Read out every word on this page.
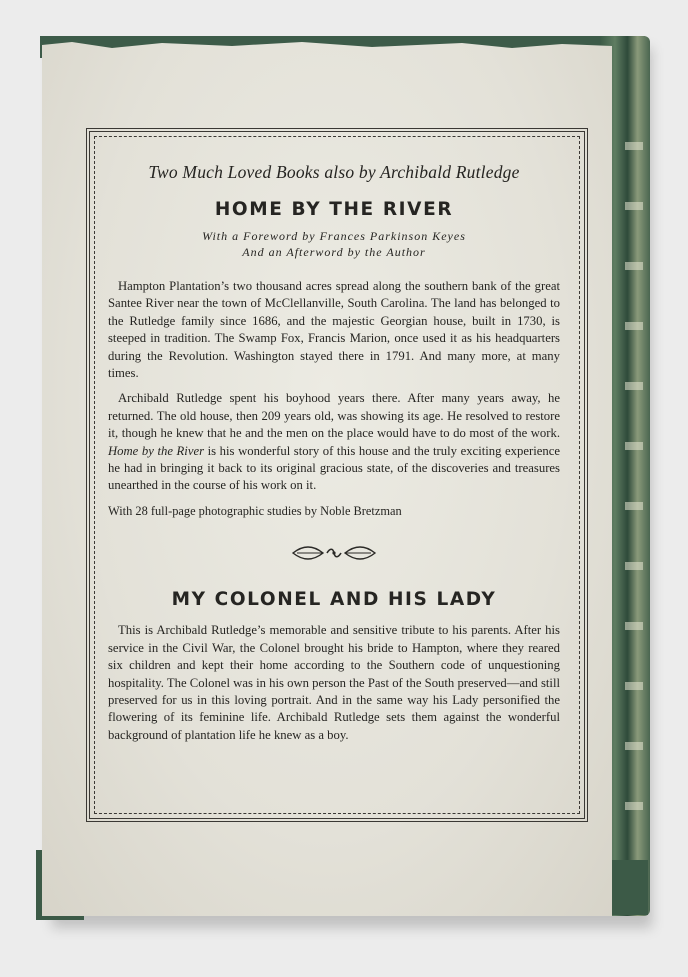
Two Much Loved Books also by Archibald Rutledge
HOME BY THE RIVER
With a Foreword by Frances Parkinson Keyes
And an Afterword by the Author

Hampton Plantation’s two thousand acres spread along the southern bank of the great Santee River near the town of McClellanville, South Carolina. The land has belonged to the Rutledge family since 1686, and the majestic Georgian house, built in 1730, is steeped in tradition. The Swamp Fox, Francis Marion, once used it as his headquarters during the Revolution. Washington stayed there in 1791. And many more, at many times.

Archibald Rutledge spent his boyhood years there. After many years away, he returned. The old house, then 209 years old, was showing its age. He resolved to restore it, though he knew that he and the men on the place would have to do most of the work. Home by the River is his wonderful story of this house and the truly exciting experience he had in bringing it back to its original gracious state, of the discoveries and treasures unearthed in the course of his work on it.

With 28 full-page photographic studies by Noble Bretzman

MY COLONEL AND HIS LADY

This is Archibald Rutledge’s memorable and sensitive tribute to his parents. After his service in the Civil War, the Colonel brought his bride to Hampton, where they reared six children and kept their home according to the Southern code of unquestioning hospitality. The Colonel was in his own person the Past of the South preserved—and still preserved for us in this loving portrait. And in the same way his Lady personified the flowering of its feminine life. Archibald Rutledge sets them against the wonderful background of plantation life he knew as a boy.
